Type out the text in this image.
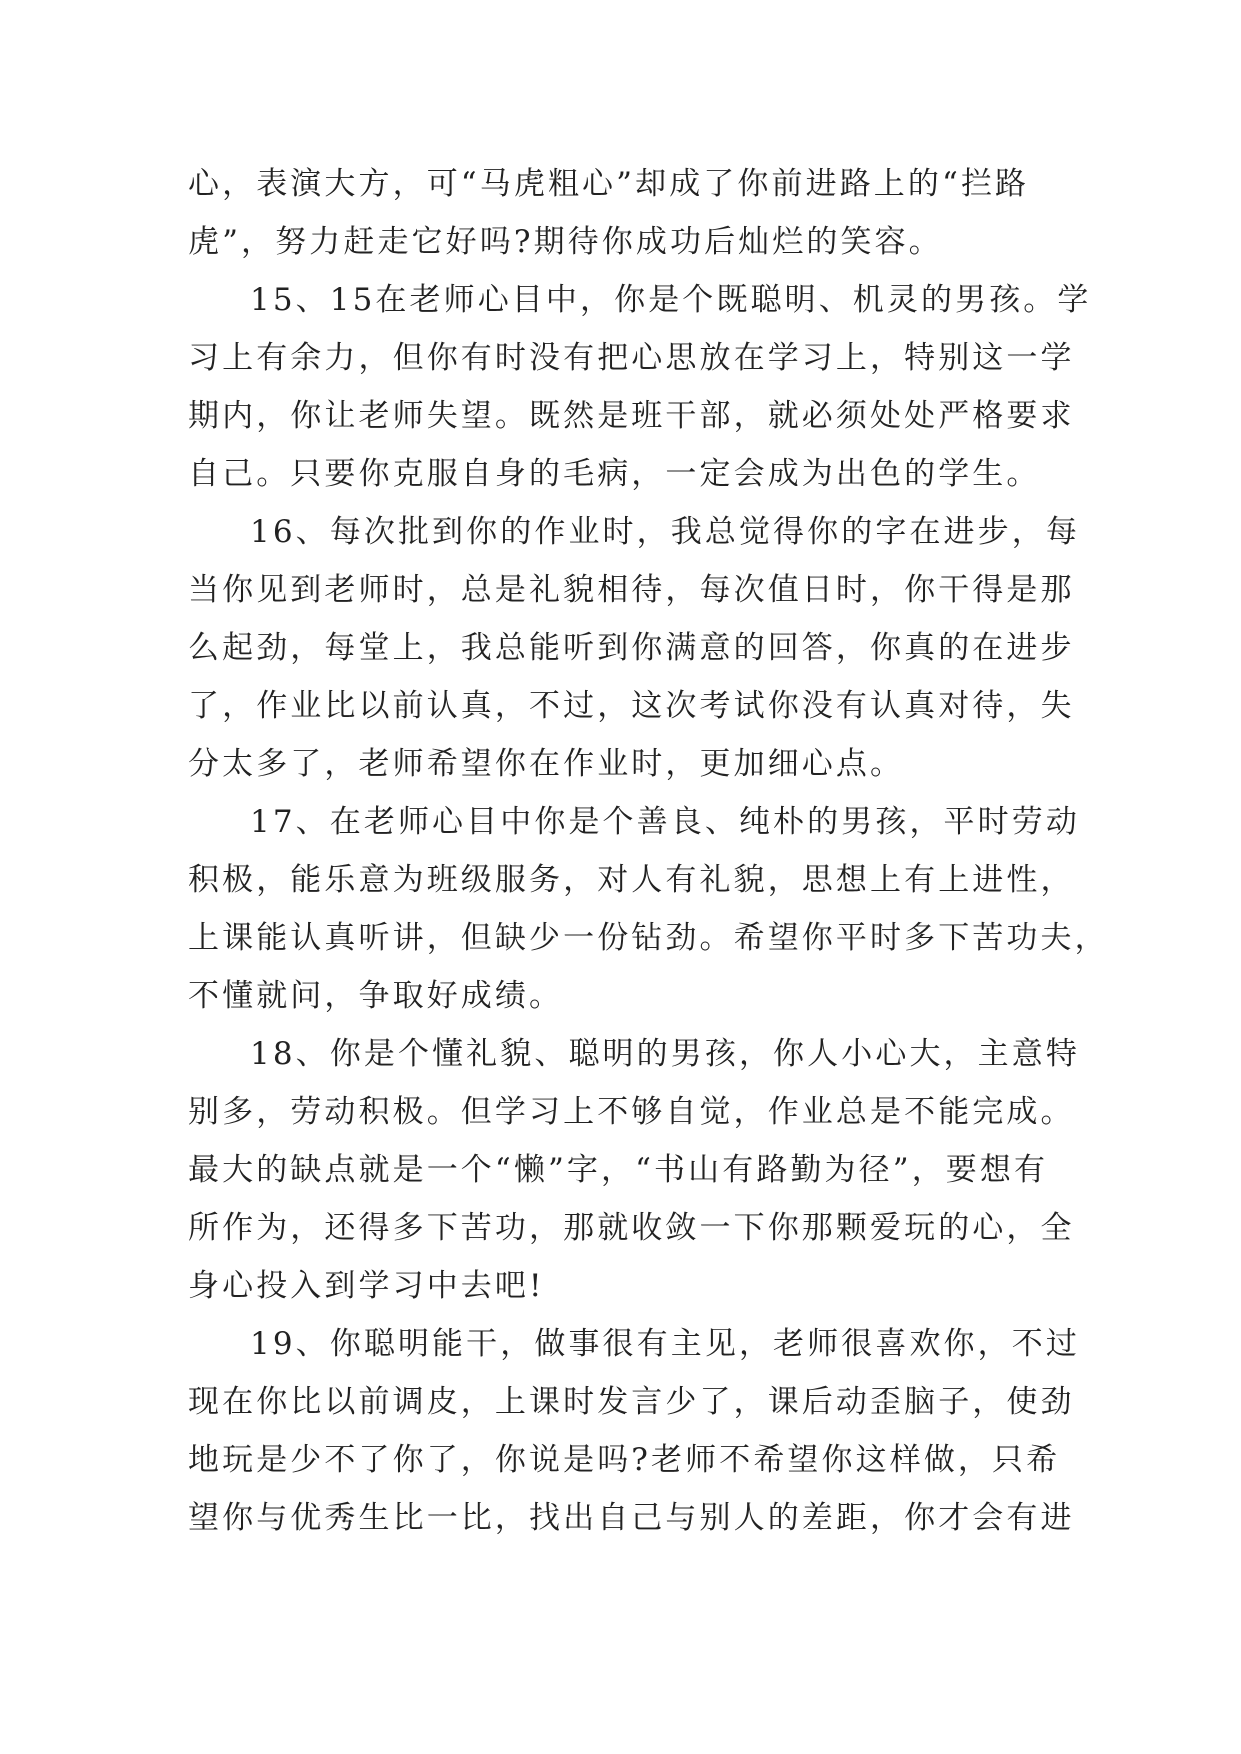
心，表演大方，可“马虎粗心”却成了你前进路上的“拦路
虎”，努力赶走它好吗?期待你成功后灿烂的笑容。
15、15在老师心目中，你是个既聪明、机灵的男孩。学
习上有余力，但你有时没有把心思放在学习上，特别这一学
期内，你让老师失望。既然是班干部，就必须处处严格要求
自己。只要你克服自身的毛病，一定会成为出色的学生。
16、每次批到你的作业时，我总觉得你的字在进步，每
当你见到老师时，总是礼貌相待，每次值日时，你干得是那
么起劲，每堂上，我总能听到你满意的回答，你真的在进步
了，作业比以前认真，不过，这次考试你没有认真对待，失
分太多了，老师希望你在作业时，更加细心点。
17、在老师心目中你是个善良、纯朴的男孩，平时劳动
积极，能乐意为班级服务，对人有礼貌，思想上有上进性，
上课能认真听讲，但缺少一份钻劲。希望你平时多下苦功夫，
不懂就问，争取好成绩。
18、你是个懂礼貌、聪明的男孩，你人小心大，主意特
别多，劳动积极。但学习上不够自觉，作业总是不能完成。
最大的缺点就是一个“懒”字，“书山有路勤为径”，要想有
所作为，还得多下苦功，那就收敛一下你那颗爱玩的心，全
身心投入到学习中去吧!
19、你聪明能干，做事很有主见，老师很喜欢你，不过
现在你比以前调皮，上课时发言少了，课后动歪脑子，使劲
地玩是少不了你了，你说是吗?老师不希望你这样做，只希
望你与优秀生比一比，找出自己与别人的差距，你才会有进
